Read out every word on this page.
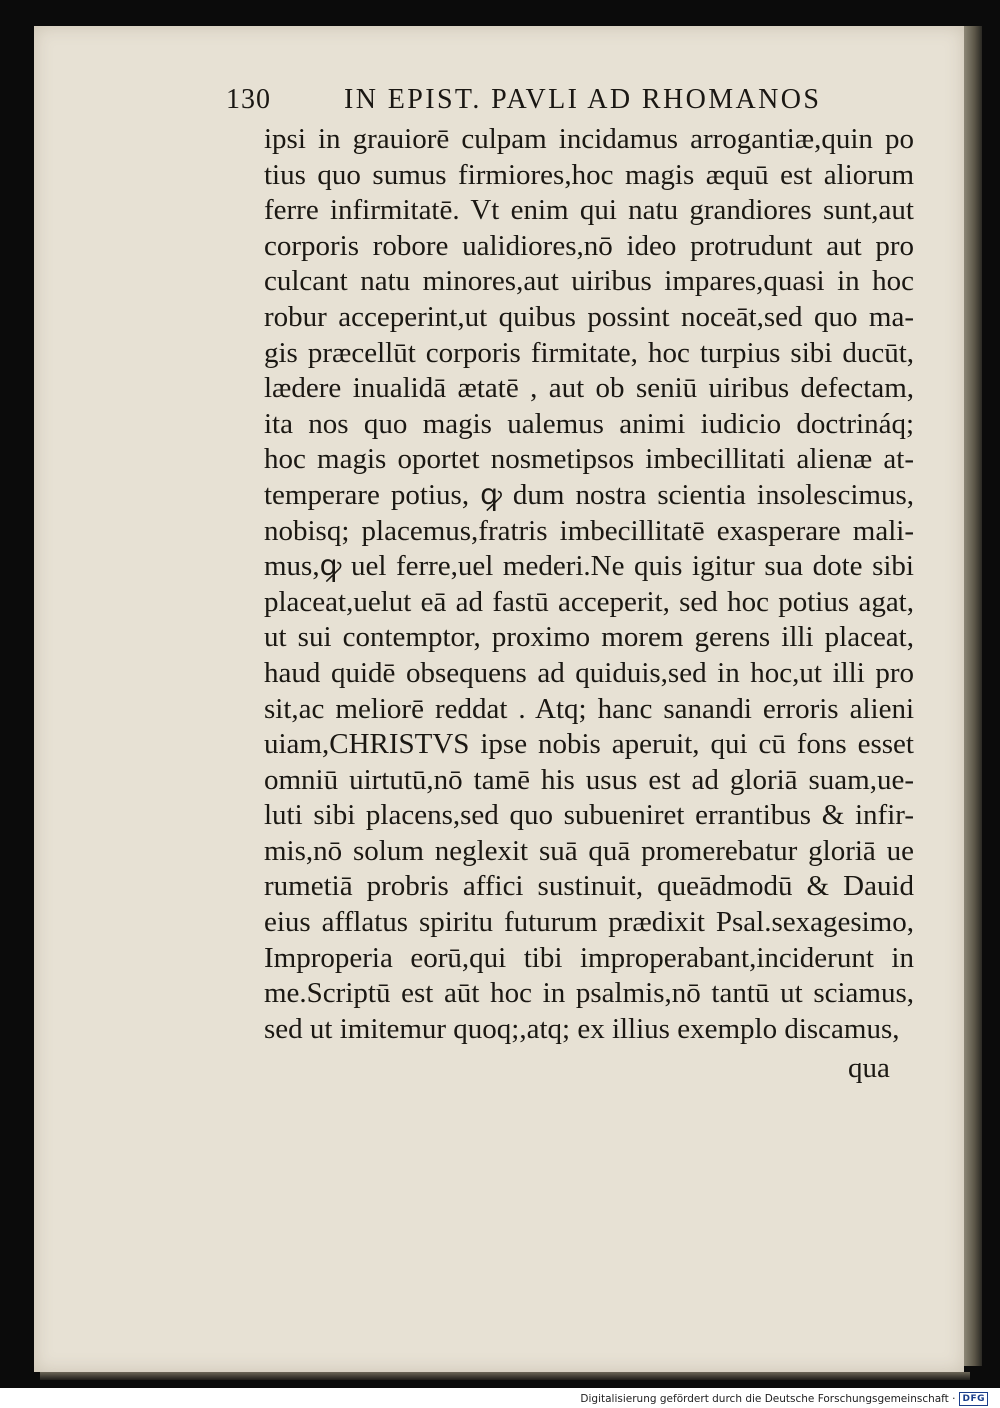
130	IN EPIST. PAVLI AD RHOMANOS
ipsi in grauiorē culpam incidamus arrogantiæ,quin po
tius quo sumus firmiores,hoc magis æquū est aliorum
ferre infirmitatē. Vt enim qui natu grandiores sunt,aut
corporis robore ualidiores,nō ideo protrudunt aut pro
culcant natu minores,aut uiribus impares,quasi in hoc
robur acceperint,ut quibus possint noceāt,sed quo ma-
gis præcellūt corporis firmitate, hoc turpius sibi ducūt,
lædere inualidā ætatē , aut ob seniū uiribus defectam,
ita nos quo magis ualemus animi iudicio doctrináq;
hoc magis oportet nosmetipsos imbecillitati alienæ at-
temperare potius, ꝙ dum nostra scientia insolescimus,
nobisq; placemus,fratris imbecillitatē exasperare mali-
mus,ꝙ uel ferre,uel mederi.Ne quis igitur sua dote sibi
placeat,uelut eā ad fastū acceperit, sed hoc potius agat,
ut sui contemptor, proximo morem gerens illi placeat,
haud quidē obsequens ad quiduis,sed in hoc,ut illi pro
sit,ac meliorē reddat . Atq; hanc sanandi erroris alieni
uiam,CHRISTVS ipse nobis aperuit, qui cū fons esset
omniū uirtutū,nō tamē his usus est ad gloriā suam,ue-
luti sibi placens,sed quo subueniret errantibus & infir-
mis,nō solum neglexit suā quā promerebatur gloriā ue
rumetiā probris affici sustinuit, queādmodū & Dauid
eius afflatus spiritu futurum prædixit Psal.sexagesimo,
Improperia eorū,qui tibi improperabant,inciderunt in
me.Scriptū est aūt hoc in psalmis,nō tantū ut sciamus,
sed ut imitemur quoq;,atq; ex illius exemplo discamus,
qua
Digitalisierung gefördert durch die Deutsche Forschungsgemeinschaft · DFG
